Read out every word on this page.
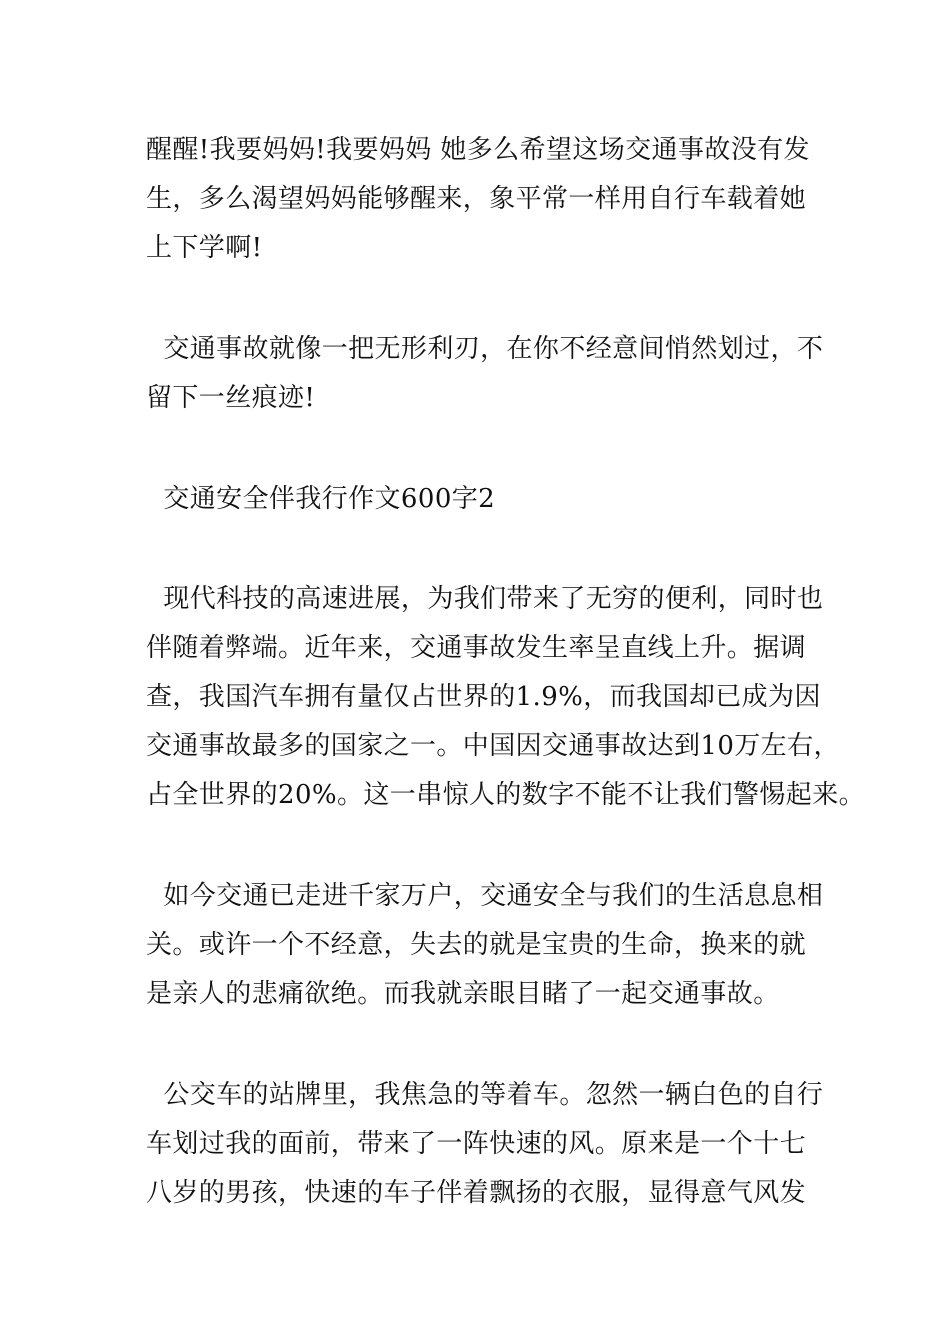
醒醒!我要妈妈!我要妈妈 她多么希望这场交通事故没有发
生，多么渴望妈妈能够醒来，象平常一样用自行车载着她
上下学啊!
交通事故就像一把无形利刃，在你不经意间悄然划过，不
留下一丝痕迹!
交通安全伴我行作文600字2
现代科技的高速进展，为我们带来了无穷的便利，同时也
伴随着弊端。近年来，交通事故发生率呈直线上升。据调
查，我国汽车拥有量仅占世界的1.9%，而我国却已成为因
交通事故最多的国家之一。中国因交通事故达到10万左右，
占全世界的20%。这一串惊人的数字不能不让我们警惕起来。
如今交通已走进千家万户，交通安全与我们的生活息息相
关。或许一个不经意，失去的就是宝贵的生命，换来的就
是亲人的悲痛欲绝。而我就亲眼目睹了一起交通事故。
公交车的站牌里，我焦急的等着车。忽然一辆白色的自行
车划过我的面前，带来了一阵快速的风。原来是一个十七
八岁的男孩，快速的车子伴着飘扬的衣服，显得意气风发
